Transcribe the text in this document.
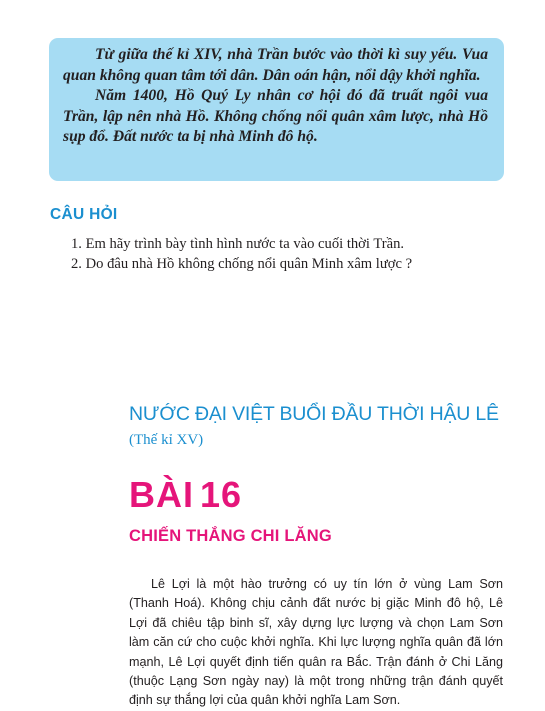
Từ giữa thế kỉ XIV, nhà Trần bước vào thời kì suy yếu. Vua quan không quan tâm tới dân. Dân oán hận, nổi dậy khởi nghĩa.

Năm 1400, Hồ Quý Ly nhân cơ hội đó đã truất ngôi vua Trần, lập nên nhà Hồ. Không chống nổi quân xâm lược, nhà Hồ sụp đổ. Đất nước ta bị nhà Minh đô hộ.

CÂU HỎI
1. Em hãy trình bày tình hình nước ta vào cuối thời Trần.
2. Do đâu nhà Hồ không chống nổi quân Minh xâm lược ?
NƯỚC ĐẠI VIỆT BUỔI ĐẦU THỜI HẬU LÊ

(Thế kỉ XV)

BÀI 16
CHIẾN THẮNG CHI LĂNG

Lê Lợi là một hào trưởng có uy tín lớn ở vùng Lam Sơn (Thanh Hoá). Không chịu cảnh đất nước bị giặc Minh đô hộ, Lê Lợi đã chiêu tập binh sĩ, xây dựng lực lượng và chọn Lam Sơn làm căn cứ cho cuộc khởi nghĩa. Khi lực lượng nghĩa quân đã lớn mạnh, Lê Lợi quyết định tiến quân ra Bắc. Trận đánh ở Chi Lăng (thuộc Lạng Sơn ngày nay) là một trong những trận đánh quyết định sự thắng lợi của quân khởi nghĩa Lam Sơn.
